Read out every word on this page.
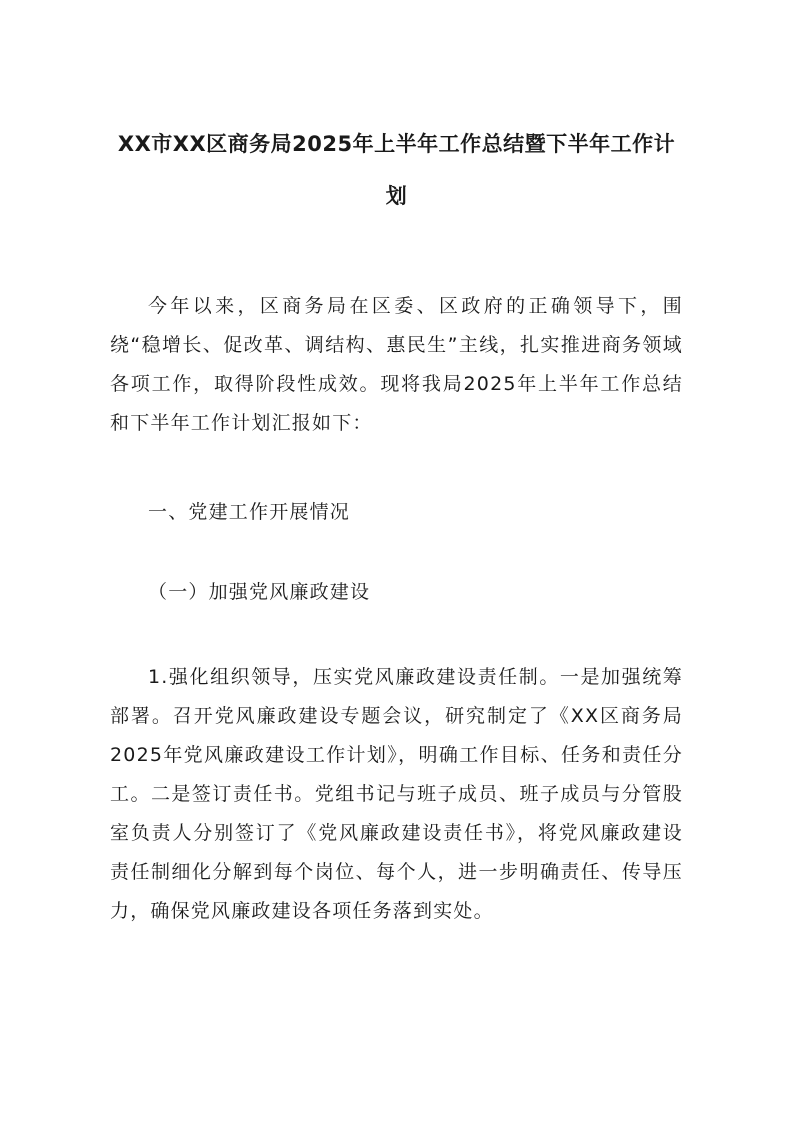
XX市XX区商务局2025年上半年工作总结暨下半年工作计划

今年以来，区商务局在区委、区政府的正确领导下，围绕“稳增长、促改革、调结构、惠民生”主线，扎实推进商务领域各项工作，取得阶段性成效。现将我局2025年上半年工作总结和下半年工作计划汇报如下：

一、党建工作开展情况

（一）加强党风廉政建设

1.强化组织领导，压实党风廉政建设责任制。一是加强统筹部署。召开党风廉政建设专题会议，研究制定了《XX区商务局2025年党风廉政建设工作计划》，明确工作目标、任务和责任分工。二是签订责任书。党组书记与班子成员、班子成员与分管股室负责人分别签订了《党风廉政建设责任书》，将党风廉政建设责任制细化分解到每个岗位、每个人，进一步明确责任、传导压力，确保党风廉政建设各项任务落到实处。
